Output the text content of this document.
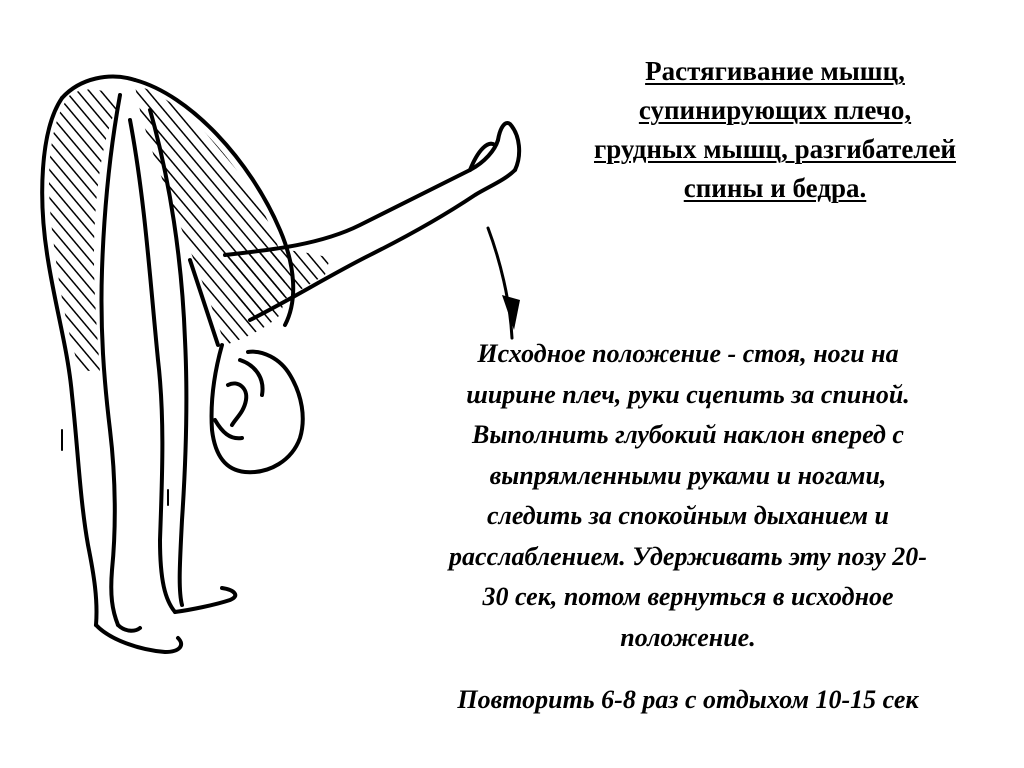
Растягивание мышц,
супинирующих плечо,
грудных мышц, разгибателей
спины и бедра.

Исходное положение - стоя, ноги на
ширине плеч, руки сцепить за спиной.
Выполнить глубокий наклон вперед с
выпрямленными руками и ногами,
следить за спокойным дыханием и
расслаблением. Удерживать эту позу 20-
30 сек, потом вернуться в исходное
положение.

Повторить 6-8 раз с отдыхом 10-15 сек
